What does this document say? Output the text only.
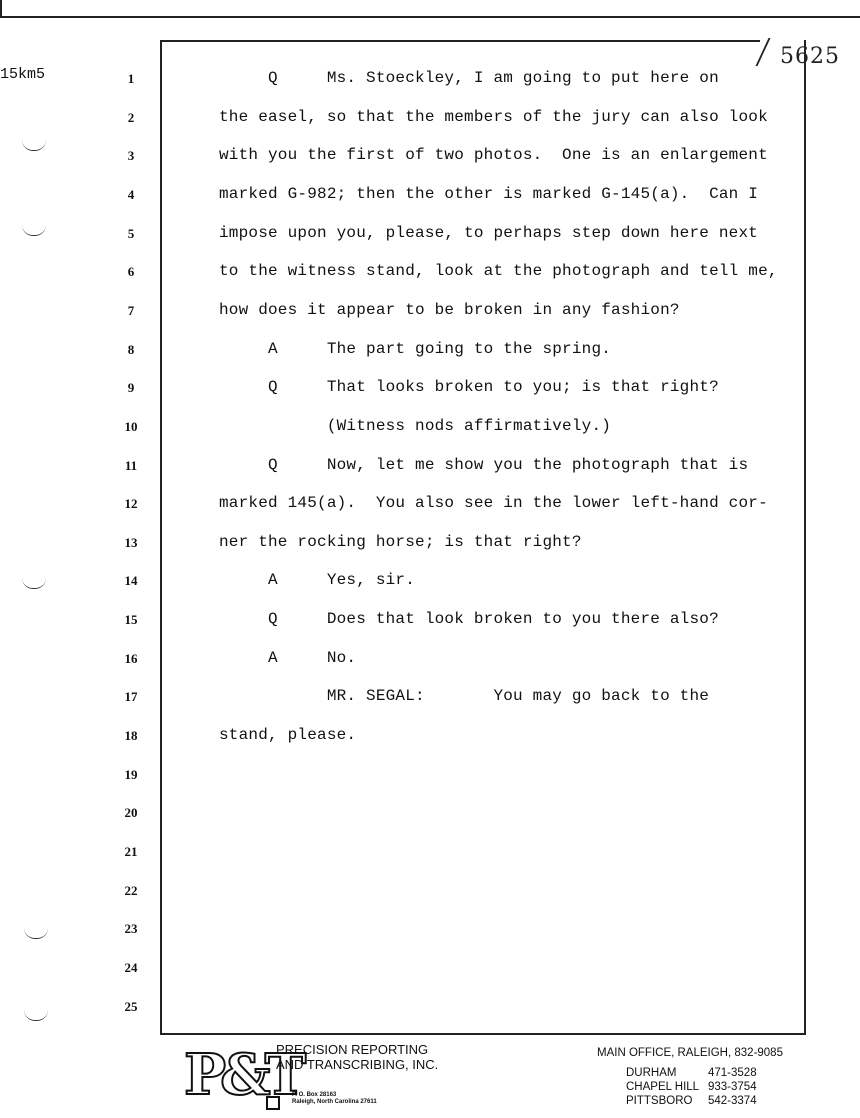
5625
15km5	1	Q     Ms. Stoeckley, I am going to put here on
2	the easel, so that the members of the jury can also look
3	with you the first of two photos.  One is an enlargement
4	marked G-982; then the other is marked G-145(a).  Can I
5	impose upon you, please, to perhaps step down here next
6	to the witness stand, look at the photograph and tell me,
7	how does it appear to be broken in any fashion?
8	A     The part going to the spring.
9	Q     That looks broken to you; is that right?
10	(Witness nods affirmatively.)
11	Q     Now, let me show you the photograph that is
12	marked 145(a).  You also see in the lower left-hand cor-
13	ner the rocking horse; is that right?
14	A     Yes, sir.
15	Q     Does that look broken to you there also?
16	A     No.
17	MR. SEGAL:       You may go back to the
18	stand, please.
19
20
21
22
23
24
25
P&T
PRECISION REPORTING
AND TRANSCRIBING, INC.
P. O. Box 28163
Raleigh, North Carolina 27611
MAIN OFFICE, RALEIGH, 832-9085
DURHAM	471-3528
CHAPEL HILL 933-3754
PITTSBORO 542-3374
